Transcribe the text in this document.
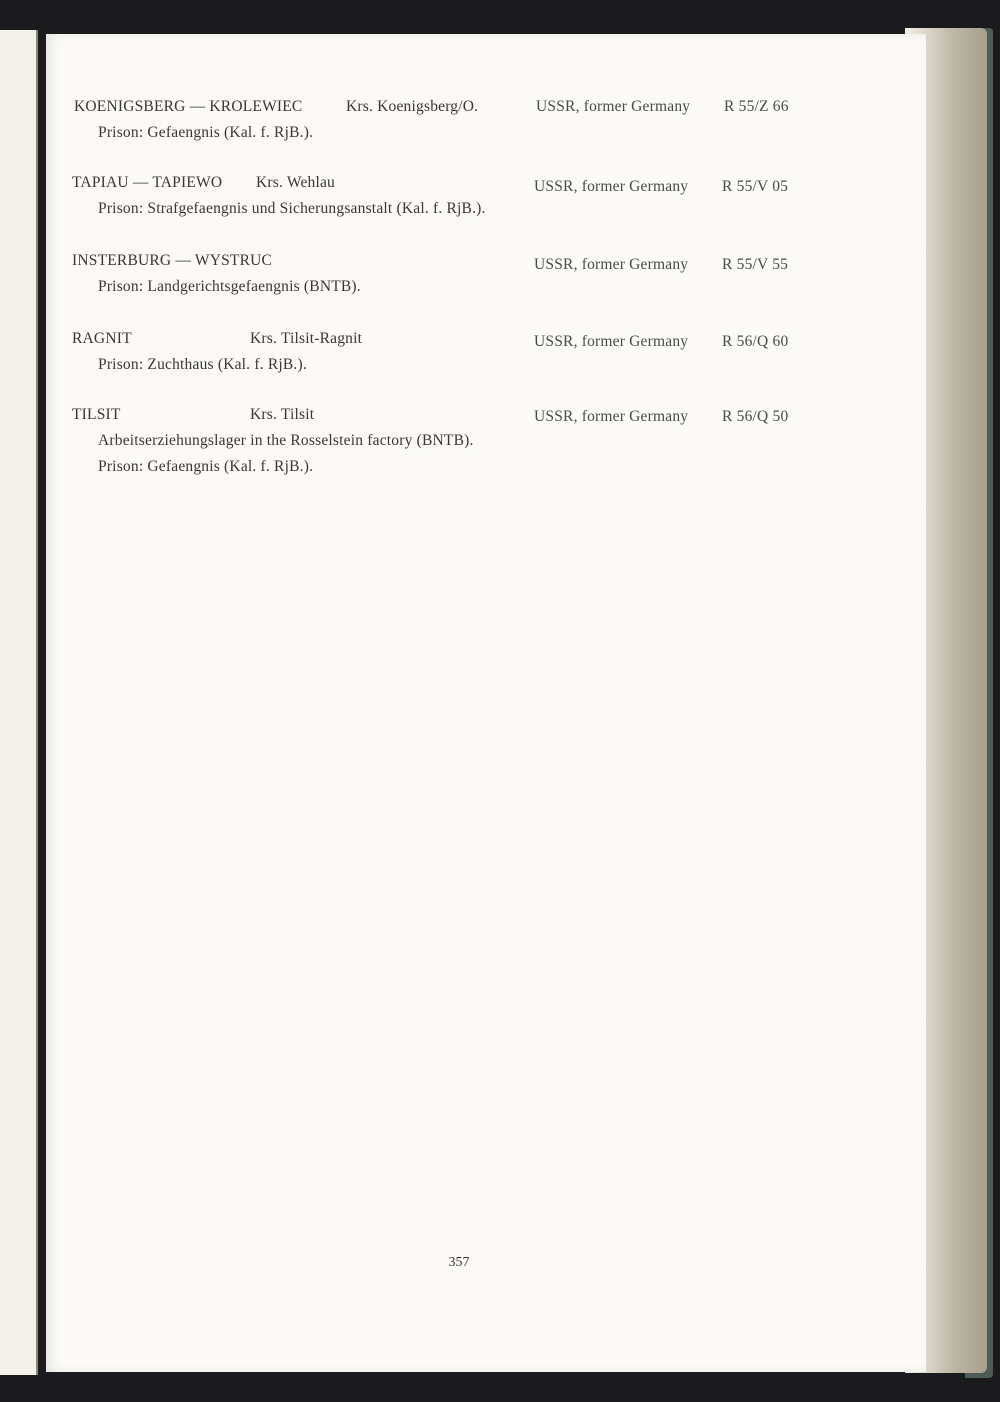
KOENIGSBERG — KROLEWIEC	Krs. Koenigsberg/O.	USSR, former Germany R 55/Z 66
Prison: Gefaengnis (Kal. f. RjB.).
TAPIAU — TAPIEWO Krs. Wehlau	USSR, former Germany R 55/V 05
Prison: Strafgefaengnis und Sicherungsanstalt (Kal. f. RjB.).
INSTERBURG — WYSTRUC	USSR, former Germany R 55/V 55
Prison: Landgerichtsgefaengnis (BNTB).
RAGNIT	Krs. Tilsit-Ragnit	USSR, former Germany R 56/Q 60
Prison: Zuchthaus (Kal. f. RjB.).
TILSIT	Krs. Tilsit	USSR, former Germany R 56/Q 50
Arbeitserziehungslager in the Rosselstein factory (BNTB).
Prison: Gefaengnis (Kal. f. RjB.).
357
